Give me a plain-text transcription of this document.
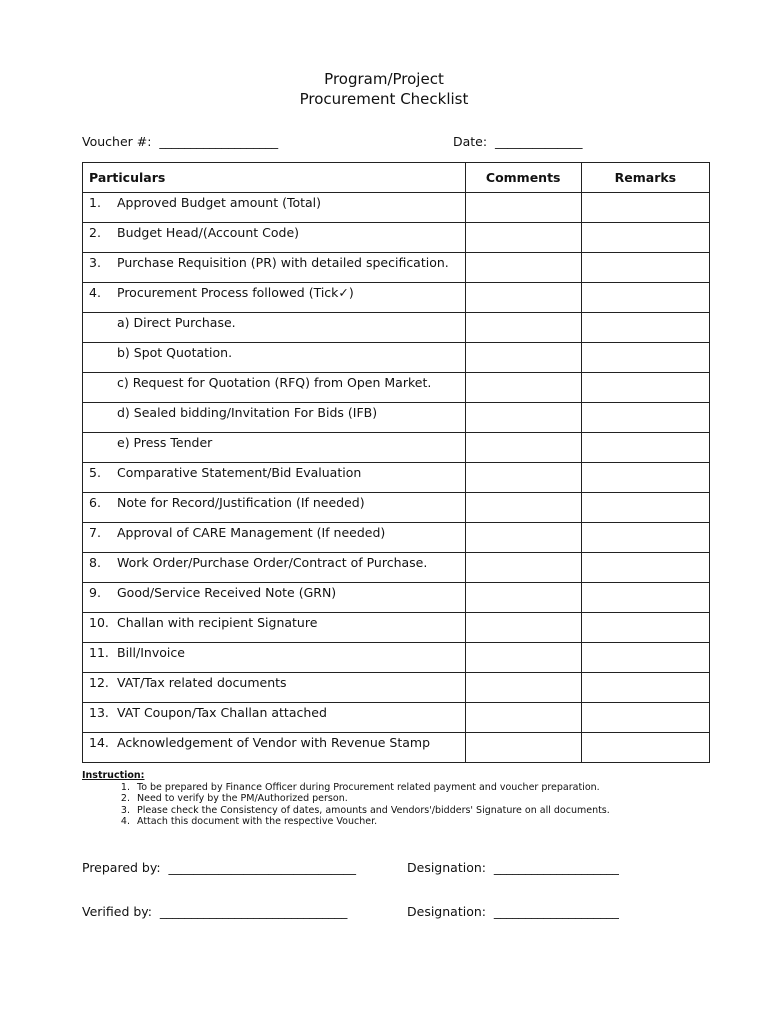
Program/Project
Procurement Checklist
Voucher #:  ___________________	Date:  ______________
Particulars	Comments	Remarks

1. Approved Budget amount (Total)		

2. Budget Head/(Account Code)		

3. Purchase Requisition (PR) with detailed specification.		

4. Procurement Process followed (Tick✓)		

a) Direct Purchase.		

b) Spot Quotation.		

c) Request for Quotation (RFQ) from Open Market.		

d) Sealed bidding/Invitation For Bids (IFB)		

e) Press Tender		

5. Comparative Statement/Bid Evaluation		

6. Note for Record/Justification (If needed)		

7. Approval of CARE Management (If needed)		

8. Work Order/Purchase Order/Contract of Purchase.		

9. Good/Service Received Note (GRN)		

10. Challan with recipient Signature		

11. Bill/Invoice		

12. VAT/Tax related documents		

13. VAT Coupon/Tax Challan attached		

14. Acknowledgement of Vendor with Revenue Stamp		

Instruction:
1. To be prepared by Finance Officer during Procurement related payment and voucher preparation.
2. Need to verify by the PM/Authorized person.
3. Please check the Consistency of dates, amounts and Vendors'/bidders' Signature on all documents.
4. Attach this document with the respective Voucher.
Prepared by:  ______________________________	Designation:  ____________________
Verified by:  ______________________________	Designation:  ____________________
